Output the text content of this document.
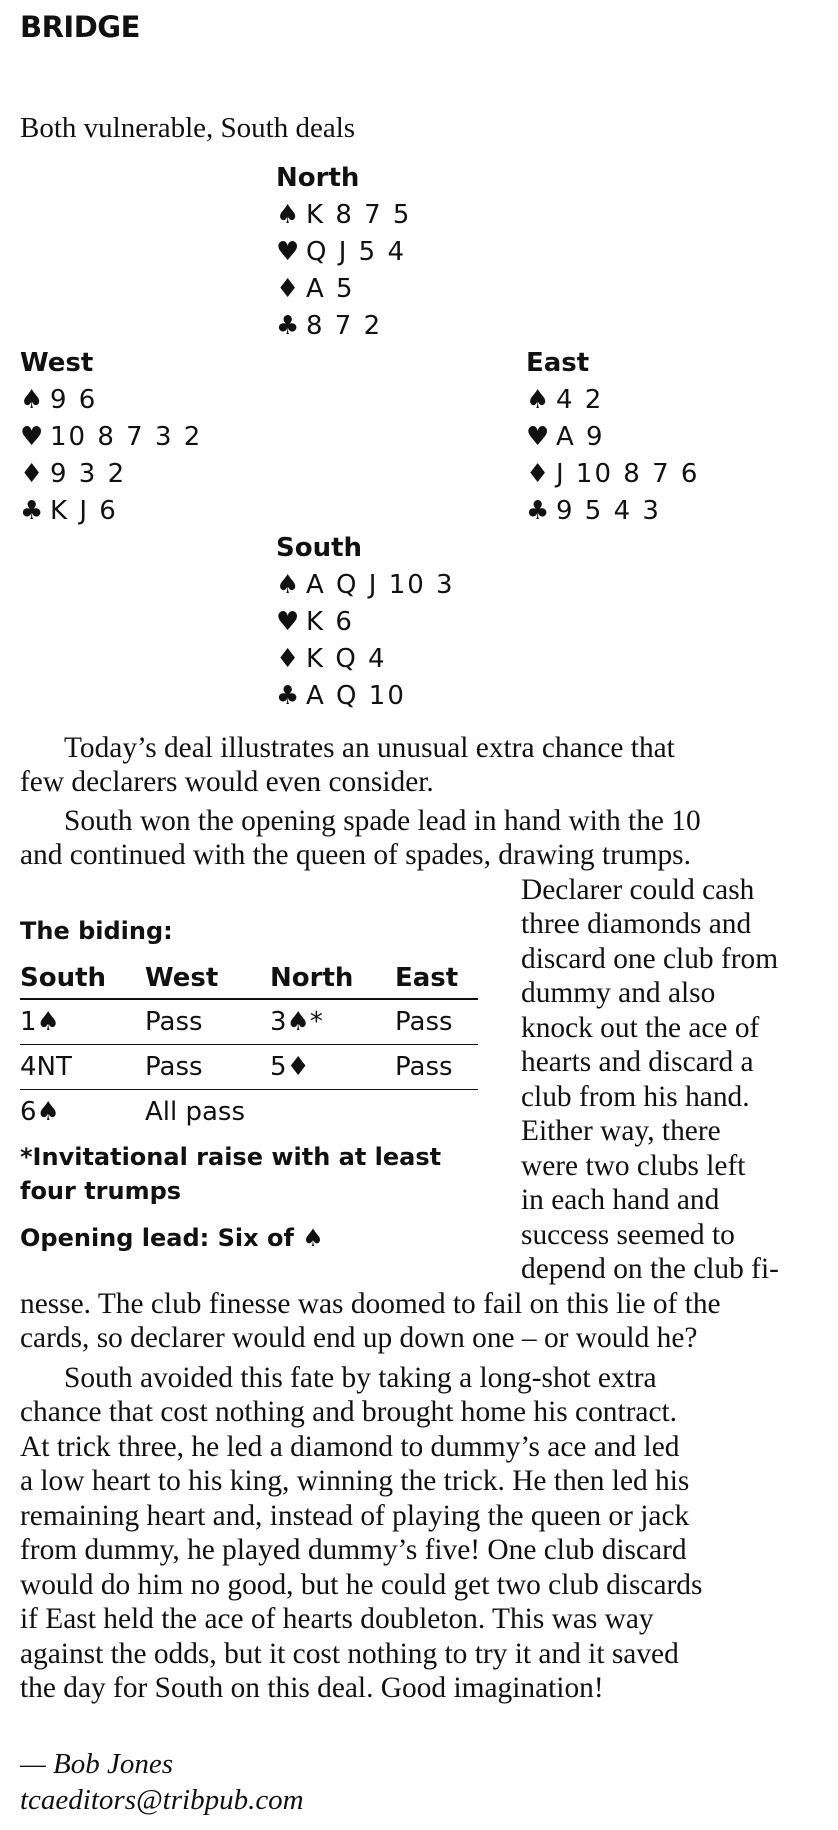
BRIDGE
Both vulnerable, South deals
North
♠ K 8 7 5
♥ Q J 5 4
♦ A 5
♣ 8 7 2
West
♠ 9 6
♥ 10 8 7 3 2
♦ 9 3 2
♣ K J 6
East
♠ 4 2
♥ A 9
♦ J 10 8 7 6
♣ 9 5 4 3
South
♠ A Q J 10 3
♥ K 6
♦ K Q 4
♣ A Q 10
Today’s deal illustrates an unusual extra chance that
few declarers would even consider.
South won the opening spade lead in hand with the 10
and continued with the queen of spades, drawing trumps.
The biding:
South	West	North	East
1♠	Pass	3♠*	Pass
4NT	Pass	5♦	Pass
6♠	All pass		
*Invitational raise with at least four trumps
Opening lead: Six of ♠
Declarer could cash
three diamonds and
discard one club from
dummy and also
knock out the ace of
hearts and discard a
club from his hand.
Either way, there
were two clubs left
in each hand and
success seemed to
depend on the club fi-
nesse. The club finesse was doomed to fail on this lie of the
cards, so declarer would end up down one – or would he?
South avoided this fate by taking a long-shot extra
chance that cost nothing and brought home his contract.
At trick three, he led a diamond to dummy’s ace and led
a low heart to his king, winning the trick. He then led his
remaining heart and, instead of playing the queen or jack
from dummy, he played dummy’s five! One club discard
would do him no good, but he could get two club discards
if East held the ace of hearts doubleton. This was way
against the odds, but it cost nothing to try it and it saved
the day for South on this deal. Good imagination!
— Bob Jones
tcaeditors@tribpub.com
